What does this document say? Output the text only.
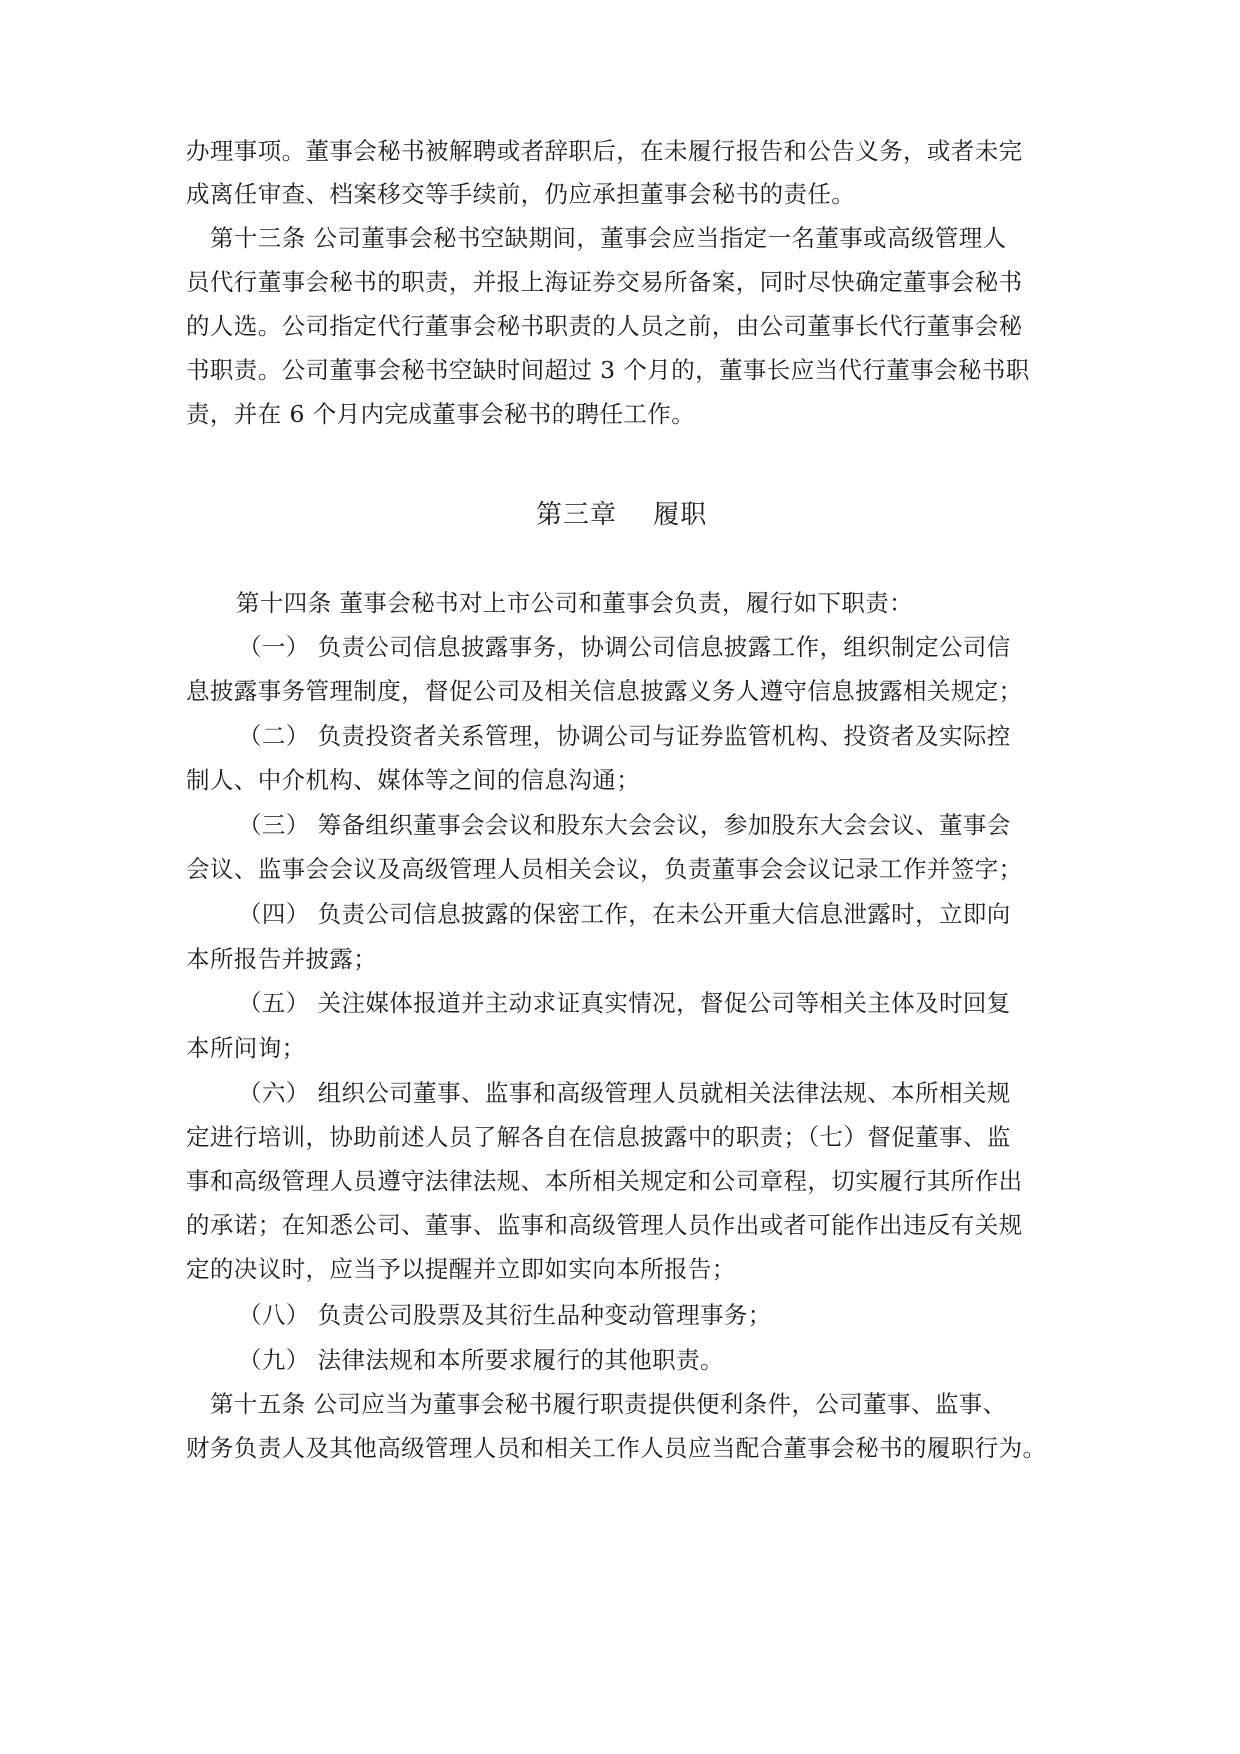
办理事项。董事会秘书被解聘或者辞职后，在未履行报告和公告义务，或者未完
成离任审查、档案移交等手续前，仍应承担董事会秘书的责任。
第十三条 公司董事会秘书空缺期间，董事会应当指定一名董事或高级管理人
员代行董事会秘书的职责，并报上海证券交易所备案，同时尽快确定董事会秘书
的人选。公司指定代行董事会秘书职责的人员之前，由公司董事长代行董事会秘
书职责。公司董事会秘书空缺时间超过 3 个月的，董事长应当代行董事会秘书职
责，并在 6 个月内完成董事会秘书的聘任工作。
第三章　 履职
第十四条 董事会秘书对上市公司和董事会负责，履行如下职责：
（一） 负责公司信息披露事务，协调公司信息披露工作，组织制定公司信
息披露事务管理制度，督促公司及相关信息披露义务人遵守信息披露相关规定；
（二） 负责投资者关系管理，协调公司与证券监管机构、投资者及实际控
制人、中介机构、媒体等之间的信息沟通；
（三） 筹备组织董事会会议和股东大会会议，参加股东大会会议、董事会
会议、监事会会议及高级管理人员相关会议，负责董事会会议记录工作并签字；
（四） 负责公司信息披露的保密工作，在未公开重大信息泄露时，立即向
本所报告并披露；
（五） 关注媒体报道并主动求证真实情况，督促公司等相关主体及时回复
本所问询；
（六） 组织公司董事、监事和高级管理人员就相关法律法规、本所相关规
定进行培训，协助前述人员了解各自在信息披露中的职责；（七）督促董事、监
事和高级管理人员遵守法律法规、本所相关规定和公司章程，切实履行其所作出
的承诺；在知悉公司、董事、监事和高级管理人员作出或者可能作出违反有关规
定的决议时，应当予以提醒并立即如实向本所报告；
（八） 负责公司股票及其衍生品种变动管理事务；
（九） 法律法规和本所要求履行的其他职责。
第十五条 公司应当为董事会秘书履行职责提供便利条件，公司董事、监事、
财务负责人及其他高级管理人员和相关工作人员应当配合董事会秘书的履职行为。
